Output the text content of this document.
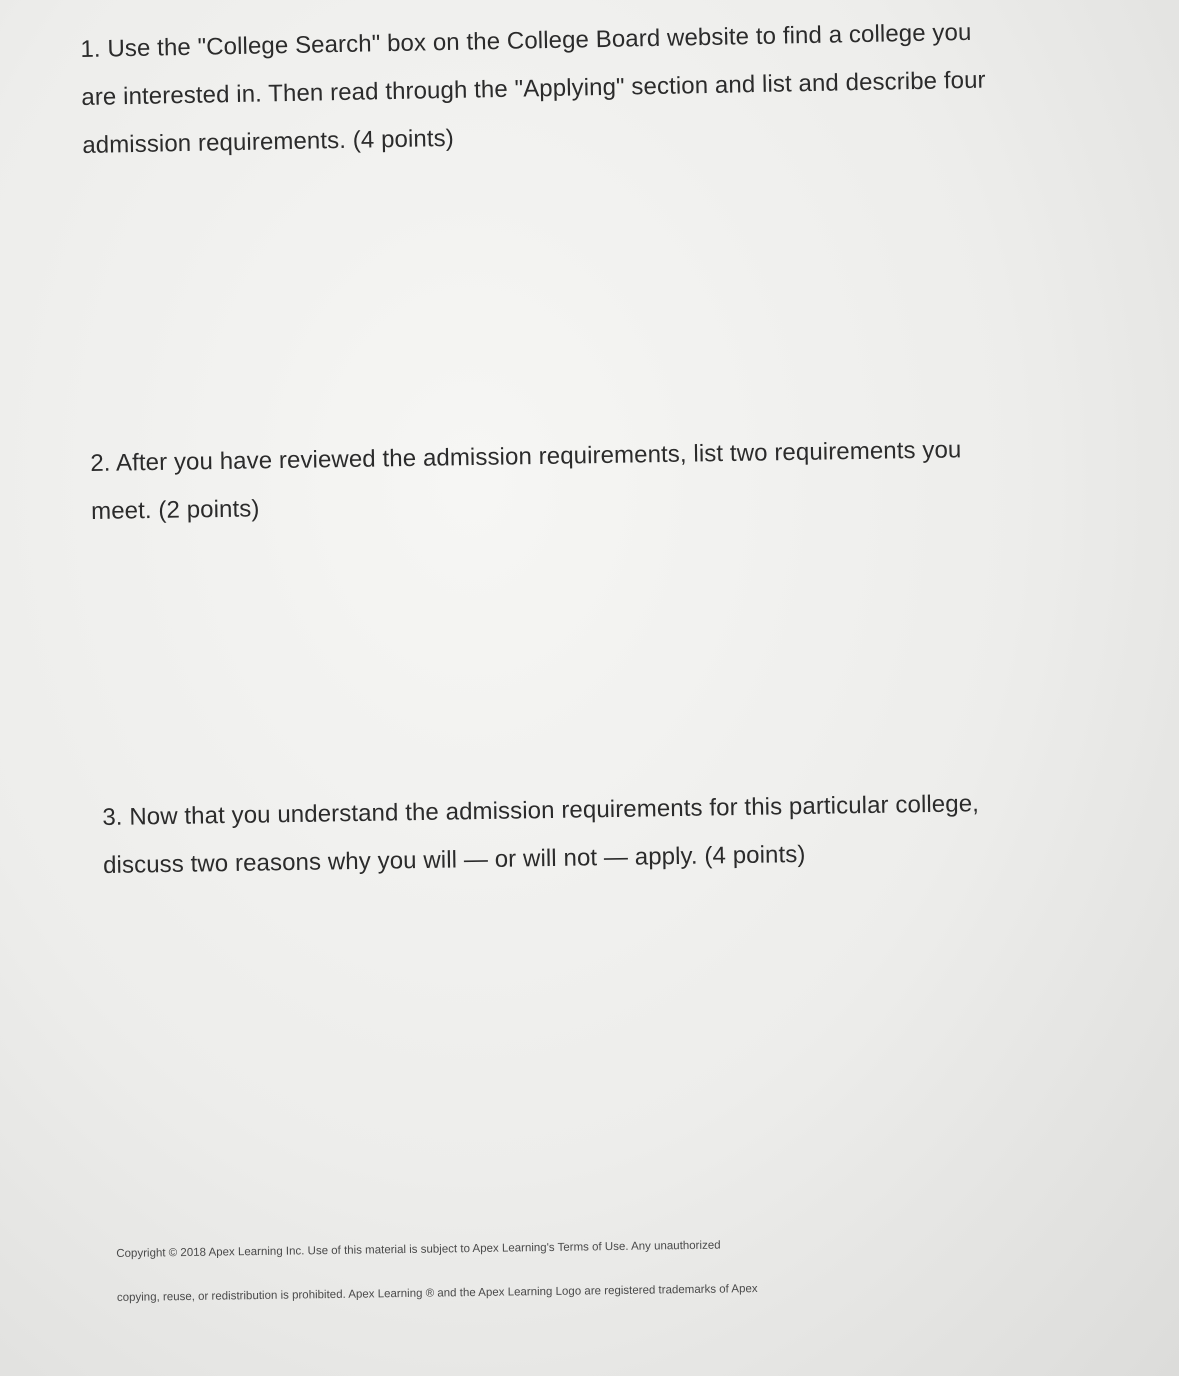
1. Use the "College Search" box on the College Board website to find a college you
are interested in. Then read through the "Applying" section and list and describe four
admission requirements. (4 points)
2. After you have reviewed the admission requirements, list two requirements you
meet. (2 points)
3. Now that you understand the admission requirements for this particular college,
discuss two reasons why you will — or will not — apply. (4 points)
Copyright © 2018 Apex Learning Inc. Use of this material is subject to Apex Learning's Terms of Use. Any unauthorized
copying, reuse, or redistribution is prohibited. Apex Learning ® and the Apex Learning Logo are registered trademarks of Apex
